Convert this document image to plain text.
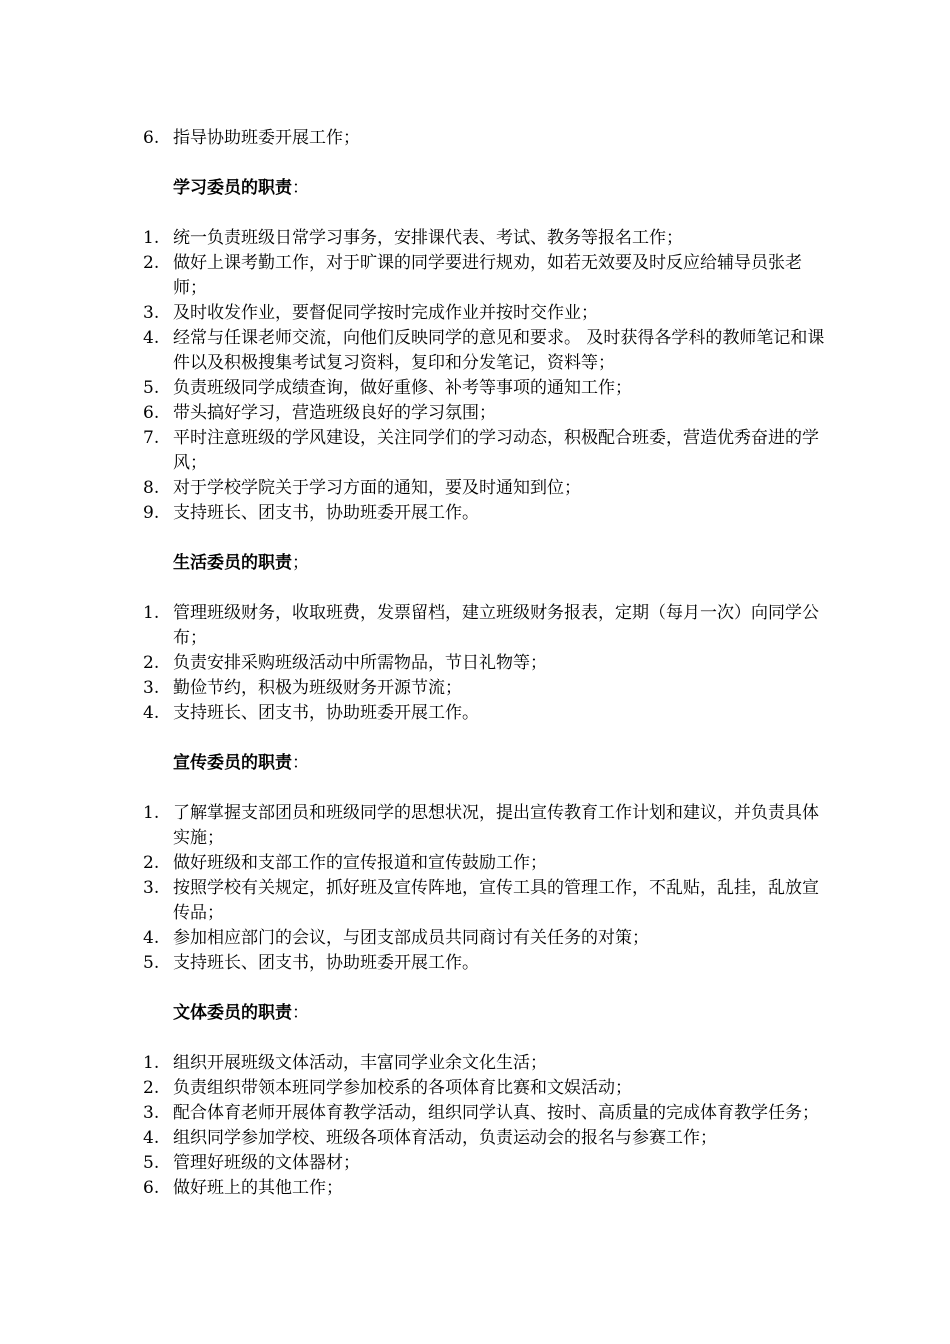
6. 指导协助班委开展工作；
学习委员的职责：
1. 统一负责班级日常学习事务，安排课代表、考试、教务等报名工作；
2. 做好上课考勤工作，对于旷课的同学要进行规劝，如若无效要及时反应给辅导员张老师；
3. 及时收发作业，要督促同学按时完成作业并按时交作业；
4. 经常与任课老师交流，向他们反映同学的意见和要求。 及时获得各学科的教师笔记和课件以及积极搜集考试复习资料，复印和分发笔记，资料等；
5. 负责班级同学成绩查询，做好重修、补考等事项的通知工作；
6. 带头搞好学习，营造班级良好的学习氛围；
7. 平时注意班级的学风建设，关注同学们的学习动态，积极配合班委，营造优秀奋进的学风；
8. 对于学校学院关于学习方面的通知，要及时通知到位；
9. 支持班长、团支书，协助班委开展工作。
生活委员的职责；
1. 管理班级财务，收取班费，发票留档，建立班级财务报表，定期（每月一次）向同学公布；
2. 负责安排采购班级活动中所需物品，节日礼物等；
3. 勤俭节约，积极为班级财务开源节流；
4. 支持班长、团支书，协助班委开展工作。
宣传委员的职责：
1. 了解掌握支部团员和班级同学的思想状况，提出宣传教育工作计划和建议，并负责具体实施；
2. 做好班级和支部工作的宣传报道和宣传鼓励工作；
3. 按照学校有关规定，抓好班及宣传阵地，宣传工具的管理工作，不乱贴，乱挂，乱放宣传品；
4. 参加相应部门的会议，与团支部成员共同商讨有关任务的对策；
5. 支持班长、团支书，协助班委开展工作。
文体委员的职责：
1. 组织开展班级文体活动，丰富同学业余文化生活；
2. 负责组织带领本班同学参加校系的各项体育比赛和文娱活动；
3. 配合体育老师开展体育教学活动，组织同学认真、按时、高质量的完成体育教学任务；
4. 组织同学参加学校、班级各项体育活动，负责运动会的报名与参赛工作；
5. 管理好班级的文体器材；
6. 做好班上的其他工作；
